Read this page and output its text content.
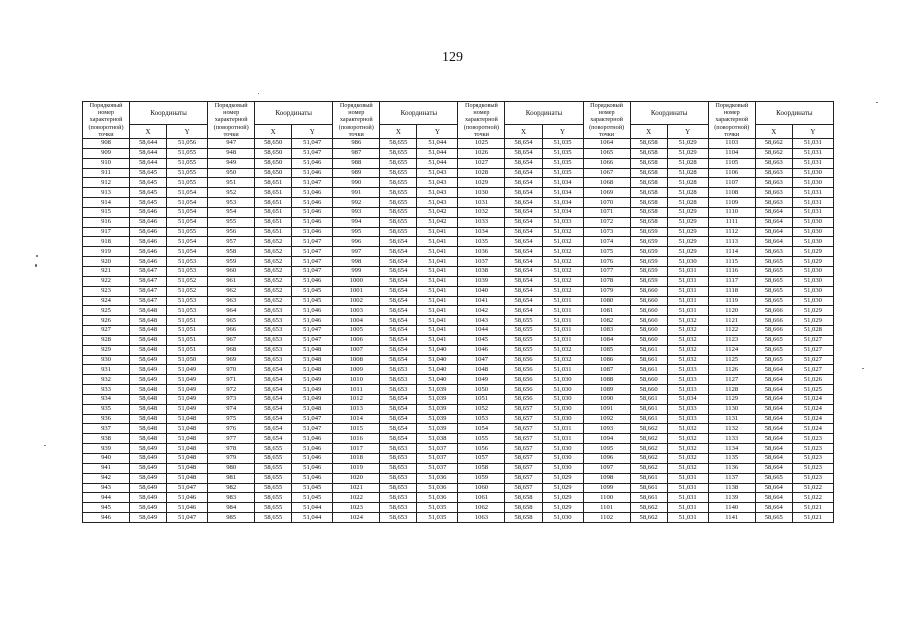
129
Порядковый номер характерной (поворотной) точки	Координаты		Порядковый номер характерной (поворотной) точки	Координаты		Порядковый номер характерной (поворотной) точки	Координаты		Порядковый номер характерной (поворотной) точки	Координаты		Порядковый номер характерной (поворотной) точки	Координаты		Порядковый номер характерной (поворотной) точки	Координаты	
	X	Y		X	Y		X	Y		X	Y		X	Y		X	Y
908	58,644	51,056	947	58,650	51,047	986	58,655	51,044	1025	58,654	51,035	1064	58,658	51,029	1103	58,662	51,031
909	58,644	51,055	948	58,650	51,047	987	58,655	51,044	1026	58,654	51,035	1065	58,658	51,029	1104	58,662	51,031
910	58,644	51,055	949	58,650	51,046	988	58,655	51,044	1027	58,654	51,035	1066	58,658	51,028	1105	58,663	51,031
911	58,645	51,055	950	58,650	51,046	989	58,655	51,043	1028	58,654	51,035	1067	58,658	51,028	1106	58,663	51,030
912	58,645	51,055	951	58,651	51,047	990	58,655	51,043	1029	58,654	51,034	1068	58,658	51,028	1107	58,663	51,030
913	58,645	51,054	952	58,651	51,046	991	58,655	51,043	1030	58,654	51,034	1069	58,658	51,028	1108	58,663	51,031
914	58,645	51,054	953	58,651	51,046	992	58,655	51,043	1031	58,654	51,034	1070	58,658	51,028	1109	58,663	51,031
915	58,646	51,054	954	58,651	51,046	993	58,655	51,042	1032	58,654	51,034	1071	58,658	51,029	1110	58,664	51,031
916	58,646	51,054	955	58,651	51,046	994	58,655	51,042	1033	58,654	51,033	1072	58,658	51,029	1111	58,664	51,030
917	58,646	51,055	956	58,651	51,046	995	58,655	51,041	1034	58,654	51,032	1073	58,659	51,029	1112	58,664	51,030
918	58,646	51,054	957	58,652	51,047	996	58,654	51,041	1035	58,654	51,032	1074	58,659	51,029	1113	58,664	51,030
919	58,646	51,054	958	58,652	51,047	997	58,654	51,041	1036	58,654	51,032	1075	58,659	51,029	1114	58,663	51,029
920	58,646	51,053	959	58,652	51,047	998	58,654	51,041	1037	58,654	51,032	1076	58,659	51,030	1115	58,665	51,029
921	58,647	51,053	960	58,652	51,047	999	58,654	51,041	1038	58,654	51,032	1077	58,659	51,031	1116	58,665	51,030
922	58,647	51,052	961	58,652	51,046	1000	58,654	51,041	1039	58,654	51,032	1078	58,659	51,031	1117	58,665	51,030
923	58,647	51,052	962	58,652	51,045	1001	58,654	51,041	1040	58,654	51,032	1079	58,660	51,031	1118	58,665	51,030
924	58,647	51,053	963	58,652	51,045	1002	58,654	51,041	1041	58,654	51,031	1080	58,660	51,031	1119	58,665	51,030
925	58,648	51,053	964	58,653	51,046	1003	58,654	51,041	1042	58,654	51,031	1081	58,660	51,031	1120	58,666	51,029
926	58,648	51,051	965	58,653	51,046	1004	58,654	51,041	1043	58,655	51,031	1082	58,660	51,032	1121	58,666	51,029
927	58,648	51,051	966	58,653	51,047	1005	58,654	51,041	1044	58,655	51,031	1083	58,660	51,032	1122	58,666	51,028
928	58,648	51,051	967	58,653	51,047	1006	58,654	51,041	1045	58,655	51,031	1084	58,660	51,032	1123	58,665	51,027
929	58,648	51,051	968	58,653	51,048	1007	58,654	51,040	1046	58,655	51,032	1085	58,661	51,032	1124	58,665	51,027
930	58,649	51,050	969	58,653	51,048	1008	58,654	51,040	1047	58,656	51,032	1086	58,661	51,032	1125	58,665	51,027
931	58,649	51,049	970	58,654	51,048	1009	58,653	51,040	1048	58,656	51,031	1087	58,661	51,033	1126	58,664	51,027
932	58,649	51,049	971	58,654	51,049	1010	58,653	51,040	1049	58,656	51,030	1088	58,660	51,033	1127	58,664	51,026
933	58,648	51,049	972	58,654	51,049	1011	58,653	51,039	1050	58,656	51,030	1089	58,660	51,033	1128	58,664	51,025
934	58,648	51,049	973	58,654	51,049	1012	58,654	51,039	1051	58,656	51,030	1090	58,661	51,034	1129	58,664	51,024
935	58,648	51,049	974	58,654	51,048	1013	58,654	51,039	1052	58,657	51,030	1091	58,661	51,033	1130	58,664	51,024
936	58,648	51,048	975	58,654	51,047	1014	58,654	51,039	1053	58,657	51,030	1092	58,661	51,033	1131	58,664	51,024
937	58,648	51,048	976	58,654	51,047	1015	58,654	51,039	1054	58,657	51,031	1093	58,662	51,032	1132	58,664	51,024
938	58,648	51,048	977	58,654	51,046	1016	58,654	51,038	1055	58,657	51,031	1094	58,662	51,032	1133	58,664	51,023
939	58,649	51,048	978	58,655	51,046	1017	58,653	51,037	1056	58,657	51,030	1095	58,662	51,032	1134	58,664	51,023
940	58,649	51,048	979	58,655	51,046	1018	58,653	51,037	1057	58,657	51,030	1096	58,662	51,032	1135	58,664	51,023
941	58,649	51,048	980	58,655	51,046	1019	58,653	51,037	1058	58,657	51,030	1097	58,662	51,032	1136	58,664	51,023
942	58,649	51,048	981	58,655	51,046	1020	58,653	51,036	1059	58,657	51,029	1098	58,661	51,031	1137	58,665	51,023
943	58,649	51,047	982	58,655	51,045	1021	58,653	51,036	1060	58,657	51,029	1099	58,661	51,031	1138	58,664	51,022
944	58,649	51,046	983	58,655	51,045	1022	58,653	51,036	1061	58,658	51,029	1100	58,661	51,031	1139	58,664	51,022
945	58,649	51,046	984	58,655	51,044	1023	58,653	51,035	1062	58,658	51,029	1101	58,662	51,031	1140	58,664	51,021
946	58,649	51,047	985	58,655	51,044	1024	58,653	51,035	1063	58,658	51,030	1102	58,662	51,031	1141	58,665	51,021
